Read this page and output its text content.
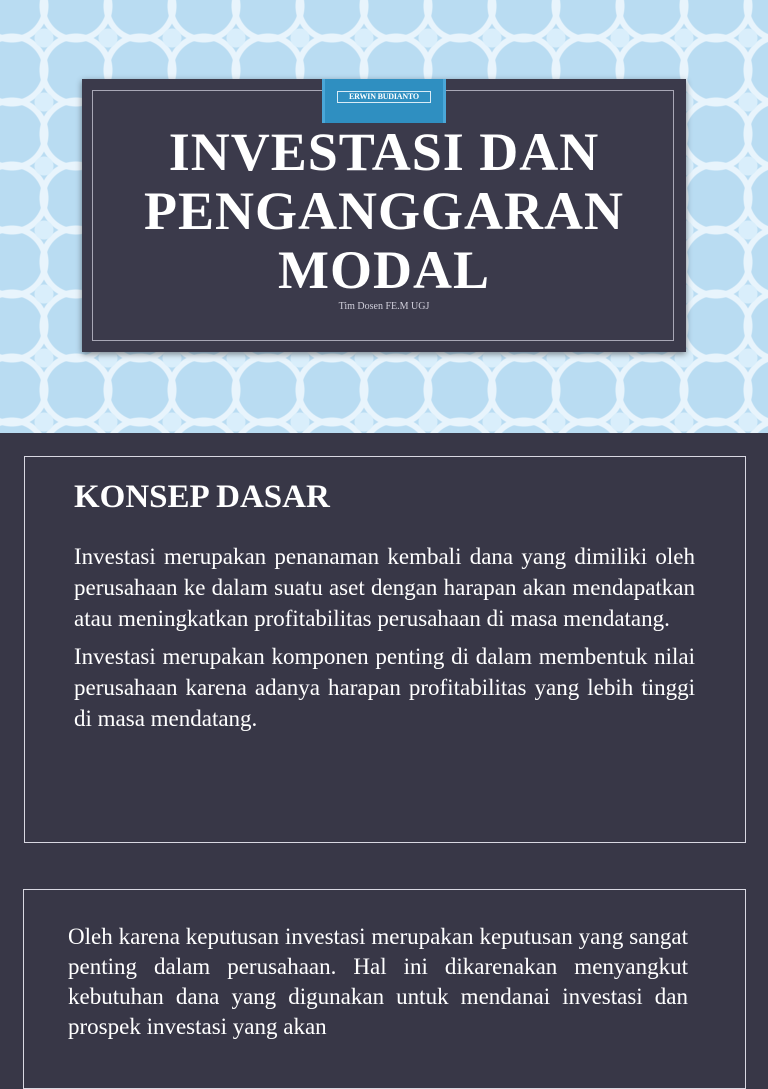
ERWIN BUDIANTO
INVESTASI DAN
PENGANGGARAN
MODAL
Tim Dosen FE.M UGJ
KONSEP DASAR

Investasi merupakan penanaman kembali dana yang dimiliki oleh perusahaan ke dalam suatu aset dengan harapan akan mendapatkan atau meningkatkan profitabilitas perusahaan di masa mendatang.

Investasi merupakan komponen penting di dalam membentuk nilai perusahaan karena adanya harapan profitabilitas yang lebih tinggi di masa mendatang.

Oleh karena keputusan investasi merupakan keputusan yang sangat penting dalam perusahaan. Hal ini dikarenakan menyangkut kebutuhan dana yang digunakan untuk mendanai investasi dan prospek investasi yang akan
